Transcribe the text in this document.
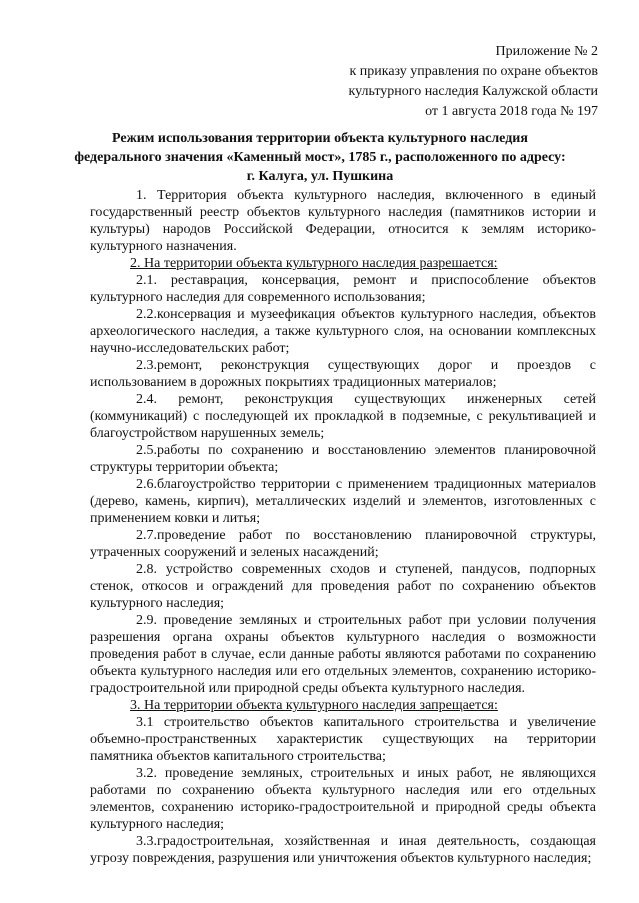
Приложение № 2
к приказу управления по охране объектов
культурного наследия Калужской области
от 1 августа 2018 года № 197
Режим использования территории объекта культурного наследия
федерального значения «Каменный мост», 1785 г., расположенного по адресу:
г. Калуга, ул. Пушкина

1. Территория объекта культурного наследия, включенного в единый государственный реестр объектов культурного наследия (памятников истории и культуры) народов Российской Федерации, относится к землям историко-культурного назначения.

2. На территории объекта культурного наследия разрешается:

2.1. реставрация, консервация, ремонт и приспособление объектов культурного наследия для современного использования;

2.2.консервация и музеефикация объектов культурного наследия, объектов археологического наследия, а также культурного слоя, на основании комплексных научно-исследовательских работ;

2.3.ремонт, реконструкция существующих дорог и проездов с использованием в дорожных покрытиях традиционных материалов;

2.4. ремонт, реконструкция существующих инженерных сетей (коммуникаций) с последующей их прокладкой в подземные, с рекультивацией и благоустройством нарушенных земель;

2.5.работы по сохранению и восстановлению элементов планировочной структуры территории объекта;

2.6.благоустройство территории с применением традиционных материалов (дерево, камень, кирпич), металлических изделий и элементов, изготовленных с применением ковки и литья;

2.7.проведение работ по восстановлению планировочной структуры, утраченных сооружений и зеленых насаждений;

2.8. устройство современных сходов и ступеней, пандусов, подпорных стенок, откосов и ограждений для проведения работ по сохранению объектов культурного наследия;

2.9. проведение земляных и строительных работ при условии получения разрешения органа охраны объектов культурного наследия о возможности проведения работ в случае, если данные работы являются работами по сохранению объекта культурного наследия или его отдельных элементов, сохранению историко-градостроительной или природной среды объекта культурного наследия.

3. На территории объекта культурного наследия запрещается:

3.1 строительство объектов капитального строительства и увеличение объемно-пространственных характеристик существующих на территории памятника объектов капитального строительства;

3.2. проведение земляных, строительных и иных работ, не являющихся работами по сохранению объекта культурного наследия или его отдельных элементов, сохранению историко-градостроительной и природной среды объекта культурного наследия;

3.3.градостроительная, хозяйственная и иная деятельность, создающая угрозу повреждения, разрушения или уничтожения объектов культурного наследия;
